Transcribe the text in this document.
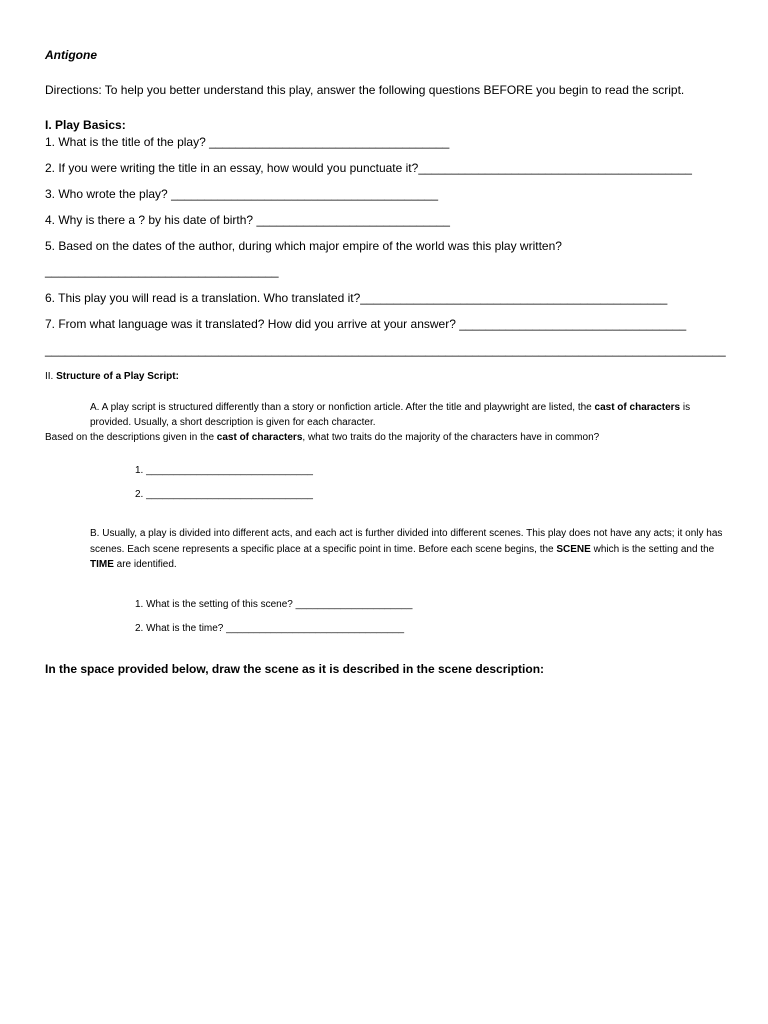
Antigone
Directions: To help you better understand this play, answer the following questions BEFORE you begin to read the script.
I. Play Basics:
1. What is the title of the play? ____________________________________
2. If you were writing the title in an essay, how would you punctuate it?_________________________________________
3. Who wrote the play? ________________________________________
4. Why is there a ? by his date of birth? _____________________________
5. Based on the dates of the author, during which major empire of the world was this play written?
___________________________________
6. This play you will read is a translation. Who translated it?______________________________________________
7. From what language was it translated? How did you arrive at your answer? __________________________________
______________________________________________________________________________________________________
II. Structure of a Play Script:
A. A play script is structured differently than a story or nonfiction article. After the title and playwright are listed, the cast of characters is provided. Usually, a short description is given for each character.
Based on the descriptions given in the cast of characters, what two traits do the majority of the characters have in common?
1. ______________________________
2. ______________________________
B. Usually, a play is divided into different acts, and each act is further divided into different scenes. This play does not have any acts; it only has scenes. Each scene represents a specific place at a specific point in time. Before each scene begins, the SCENE which is the setting and the TIME are identified.
1. What is the setting of this scene? _____________________
2. What is the time? ________________________________
In the space provided below, draw the scene as it is described in the scene description:
